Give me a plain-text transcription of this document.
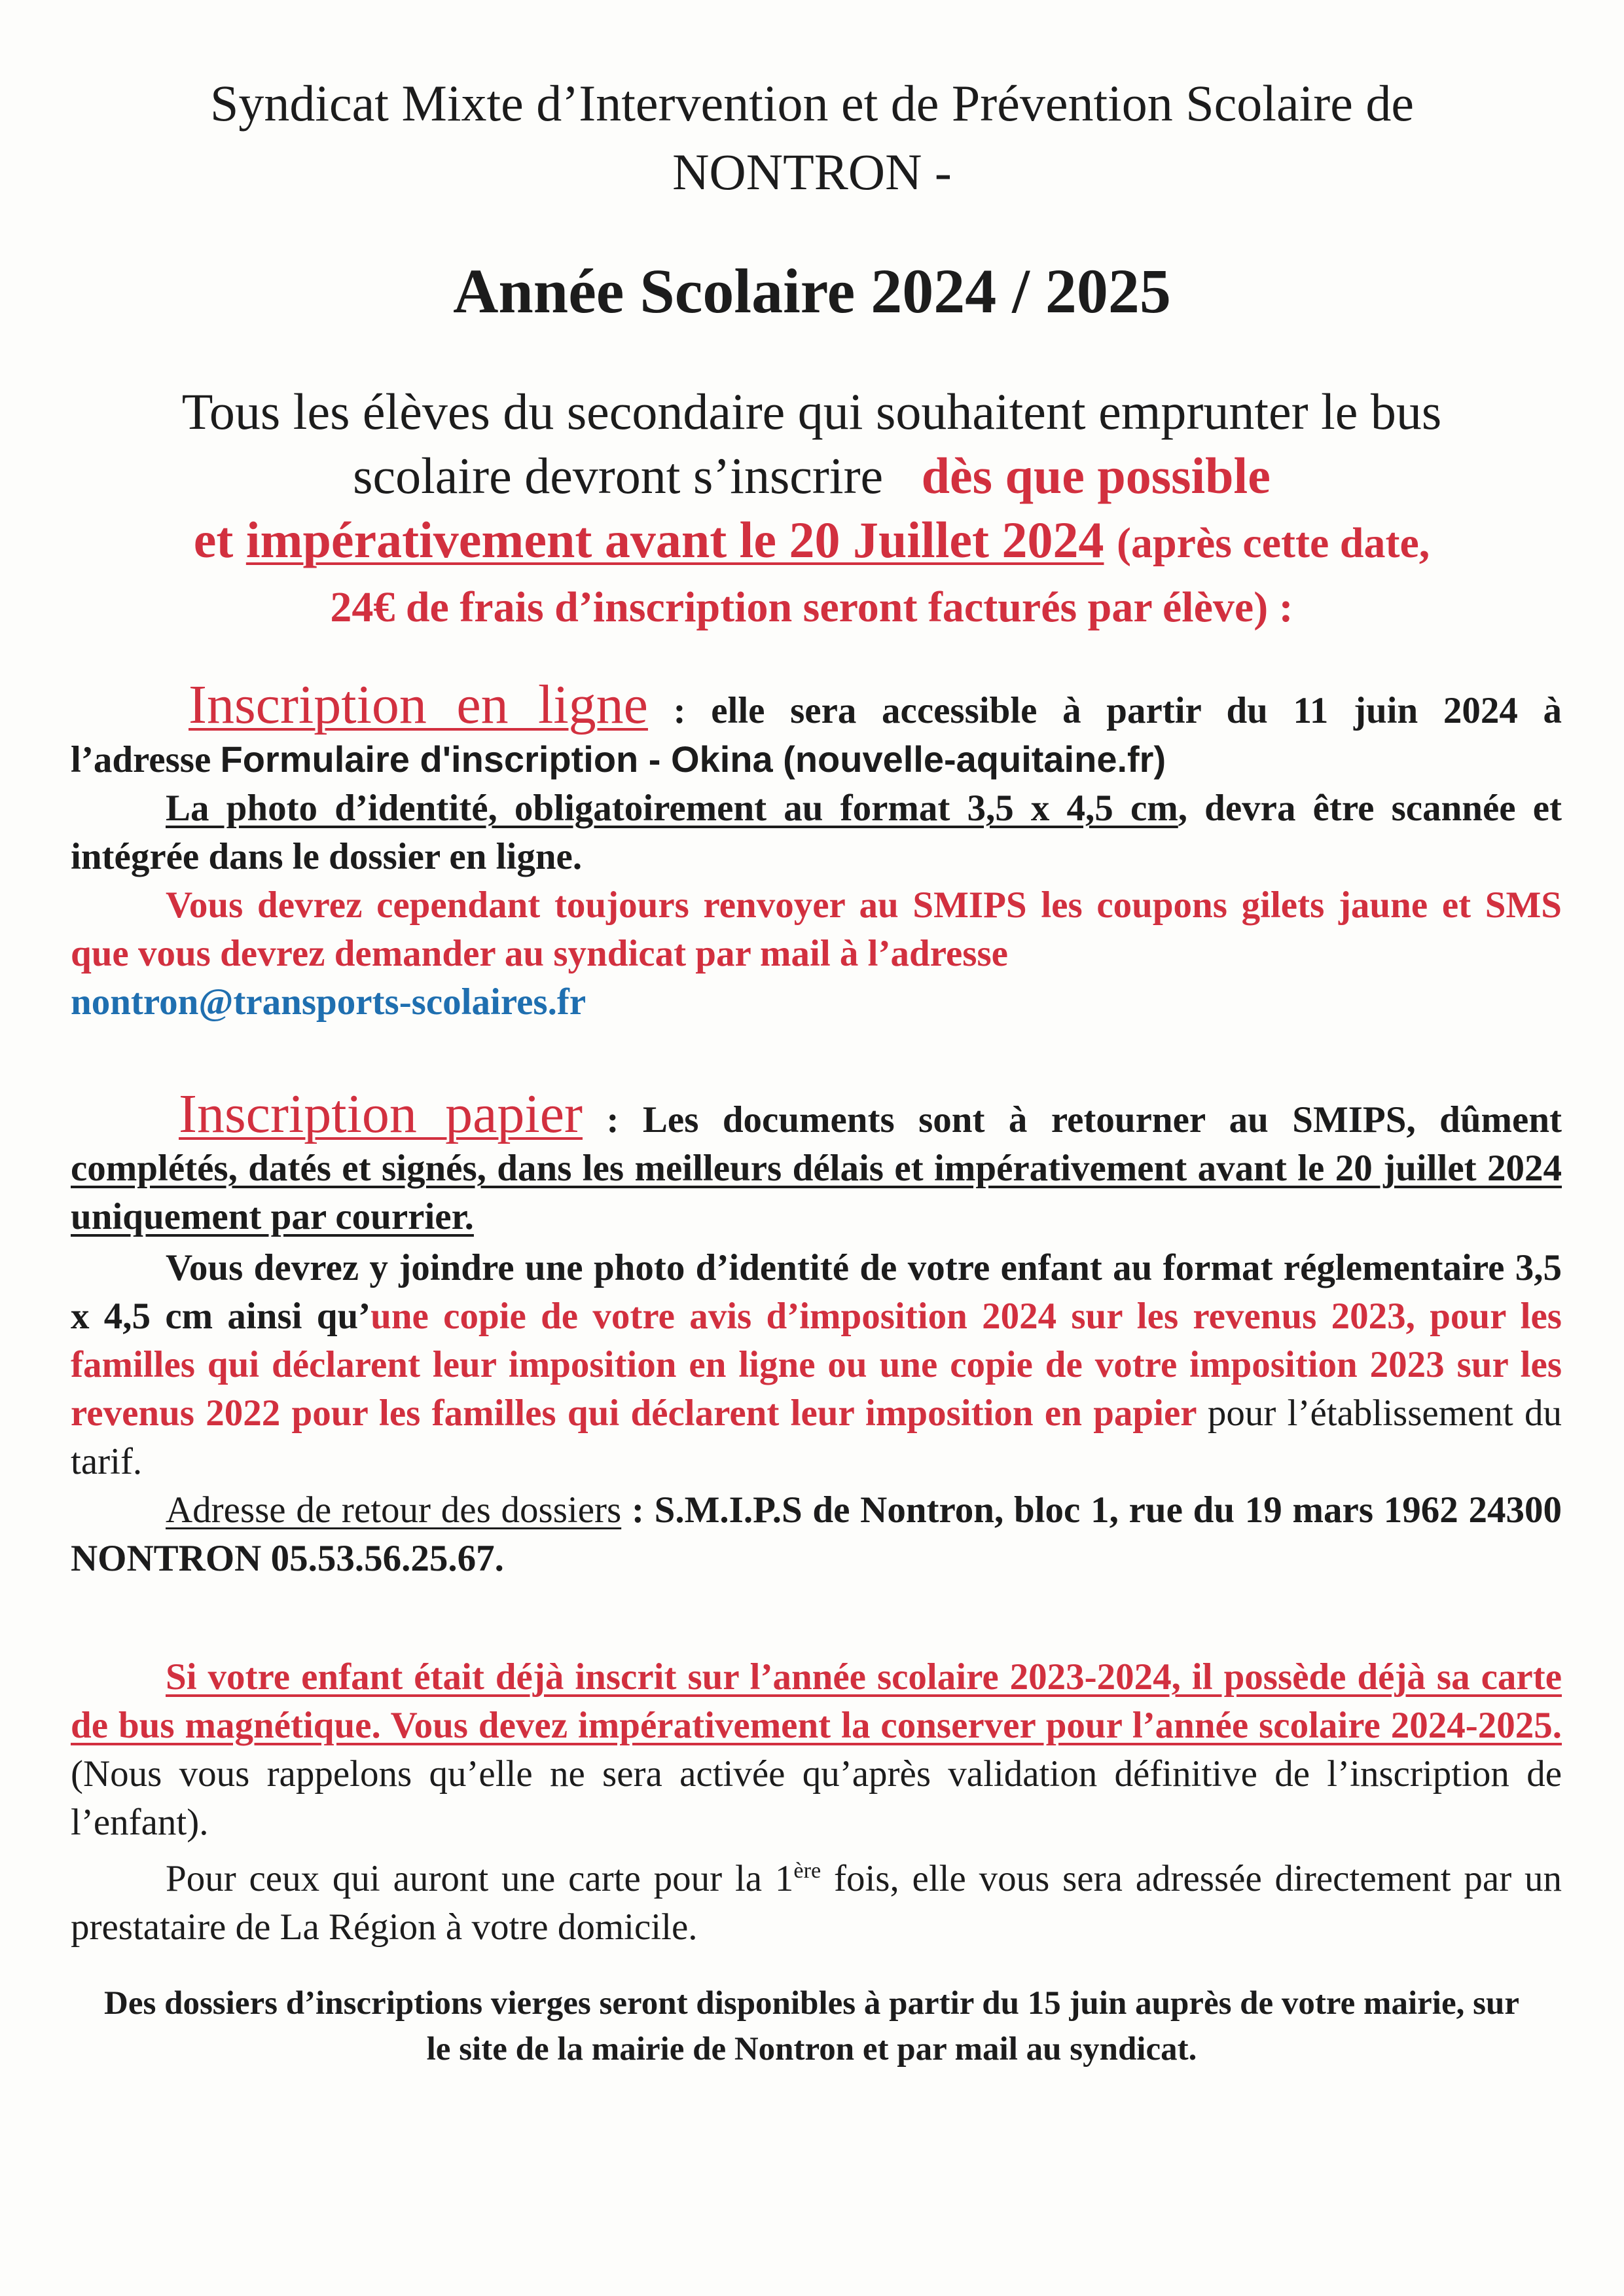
Syndicat Mixte d’Intervention et de Prévention Scolaire de
NONTRON -
Année Scolaire 2024 / 2025
Tous les élèves du secondaire qui souhaitent emprunter le bus
scolaire devront s’inscrire dès que possible
et impérativement avant le 20 Juillet 2024 (après cette date,
24€ de frais d’inscription seront facturés par élève) :
Inscription en ligne : elle sera accessible à partir du 11 juin 2024 à
l’adresse Formulaire d'inscription - Okina (nouvelle-aquitaine.fr)
La photo d’identité, obligatoirement au format 3,5 x 4,5 cm, devra être scannée et intégrée dans le dossier en ligne.
Vous devrez cependant toujours renvoyer au SMIPS les coupons gilets jaune et SMS que vous devrez demander au syndicat par mail à l’adresse
nontron@transports-scolaires.fr
Inscription papier : Les documents sont à retourner au SMIPS, dûment complétés, datés et signés, dans les meilleurs délais et impérativement avant le 20 juillet 2024 uniquement par courrier.
Vous devrez y joindre une photo d’identité de votre enfant au format réglementaire 3,5 x 4,5 cm ainsi qu’une copie de votre avis d’imposition 2024 sur les revenus 2023, pour les familles qui déclarent leur imposition en ligne ou une copie de votre imposition 2023 sur les revenus 2022 pour les familles qui déclarent leur imposition en papier pour l’établissement du tarif.
Adresse de retour des dossiers : S.M.I.P.S de Nontron, bloc 1, rue du 19 mars 1962 24300 NONTRON 05.53.56.25.67.
Si votre enfant était déjà inscrit sur l’année scolaire 2023-2024, il possède déjà sa carte de bus magnétique. Vous devez impérativement la conserver pour l’année scolaire 2024-2025. (Nous vous rappelons qu’elle ne sera activée qu’après validation définitive de l’inscription de l’enfant).
Pour ceux qui auront une carte pour la 1ère fois, elle vous sera adressée directement par un prestataire de La Région à votre domicile.
Des dossiers d’inscriptions vierges seront disponibles à partir du 15 juin auprès de votre mairie, sur le site de la mairie de Nontron et par mail au syndicat.
